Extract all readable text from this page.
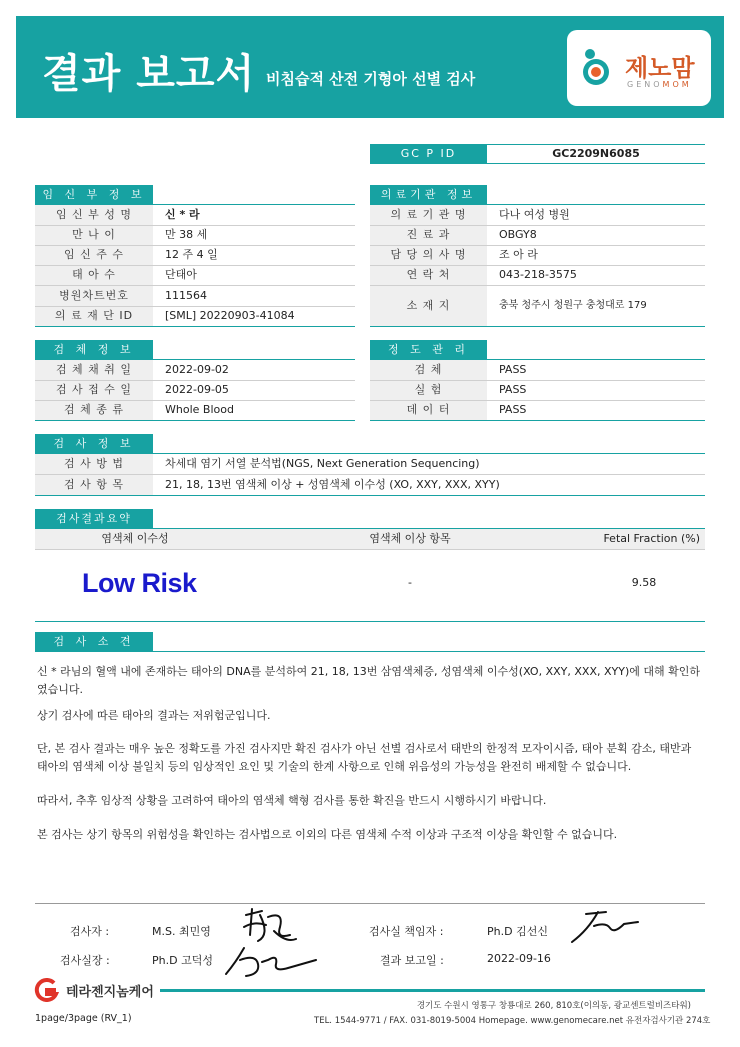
결과 보고서 비침습적 산전 기형아 선별 검사	제노맘
GENOMOM
GC P ID	GC2209N6085
임 신 부 정 보	의료기관 정보
임 신 부 성 명	신 * 라
만 나 이	만 38 세
임 신 주 수	12 주 4 일
태 아 수	단태아
병원차트번호	111564
의 료 재 단 ID	[SML] 20220903-41084
의 료 기 관 명	다나 여성 병원
진 료 과	OBGY8
담 당 의 사 명	조 아 라
연 락 처	043-218-3575
소 재 지	충북 청주시 청원구 충청대로 179
검 체 정 보	정 도 관 리
검 체 채 취 일	2022-09-02
검 사 접 수 일	2022-09-05
검 체 종 류	Whole Blood
검 체	PASS
실 험	PASS
데 이 터	PASS
검 사 정 보
검 사 방 법	차세대 염기 서열 분석법(NGS, Next Generation Sequencing)
검 사 항 목	21, 18, 13번 염색체 이상 + 성염색체 이수성 (XO, XXY, XXX, XYY)
검사결과요약
염색체 이수성	염색체 이상 항목	Fetal Fraction (%)
Low Risk	-	9.58
검 사 소 견
신 * 라님의 혈액 내에 존재하는 태아의 DNA를 분석하여 21, 18, 13번 삼염색체증, 성염색체 이수성(XO, XXY, XXX, XYY)에 대해 확인하였습니다.
상기 검사에 따른 태아의 결과는 저위험군입니다.
단, 본 검사 결과는 매우 높은 정확도를 가진 검사지만 확진 검사가 아닌 선별 검사로서 태반의 한정적 모자이시즘, 태아 분획 감소, 태반과 태아의 염색체 이상 불일치 등의 임상적인 요인 및 기술의 한계 사항으로 인해 위음성의 가능성을 완전히 배제할 수 없습니다.
따라서, 추후 임상적 상황을 고려하여 태아의 염색체 핵형 검사를 통한 확진을 반드시 시행하시기 바랍니다.
본 검사는 상기 항목의 위험성을 확인하는 검사법으로 이외의 다른 염색체 수적 이상과 구조적 이상을 확인할 수 없습니다.
검사자 :	M.S. 최민영	검사실 책임자 :	Ph.D 김선신
검사실장 :	Ph.D 고덕성	결과 보고일 :	2022-09-16
테라젠지놈케어
경기도 수원시 영통구 창룡대로 260, 810호(이의동, 광교센트럴비즈타워)
TEL. 1544-9771 / FAX. 031-8019-5004 Homepage. www.genomecare.net 유전자검사기관 274호
1page/3page (RV_1)
